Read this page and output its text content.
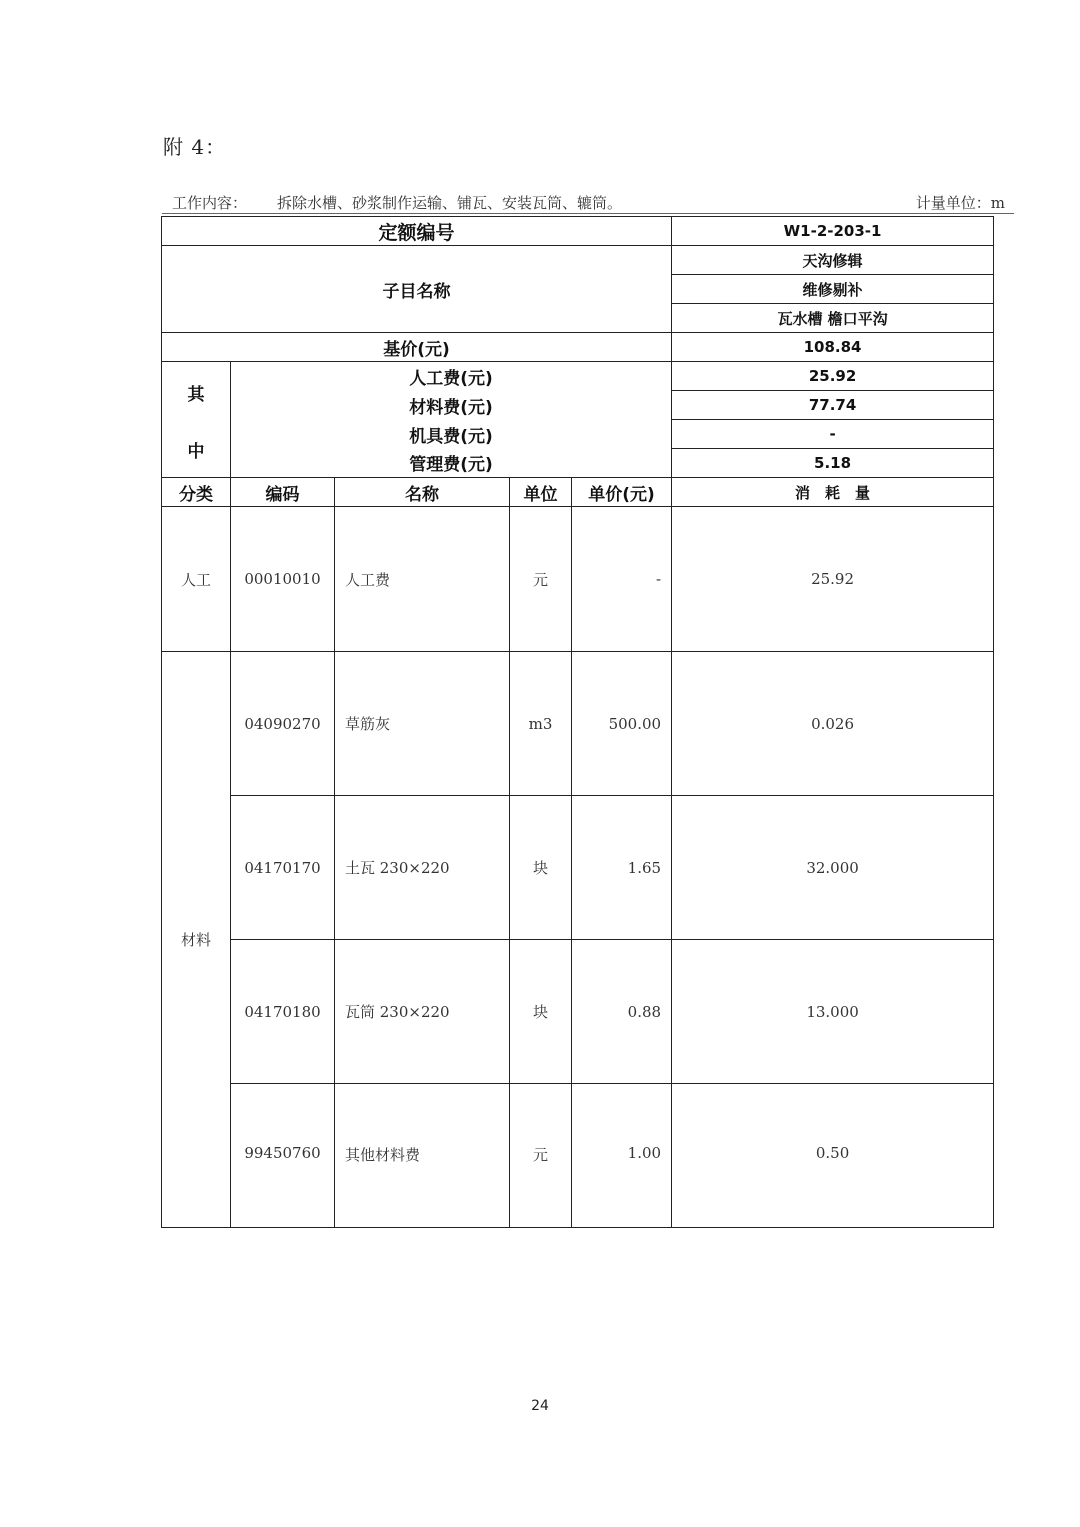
附 4：
工作内容： 拆除水槽、砂浆制作运输、铺瓦、安装瓦筒、辘筒。	计量单位：m
定额编号					W1-2-203-1
子目名称					天沟修辑
					维修剔补
					瓦水槽 檐口平沟
基价(元)					108.84

其
中	人工费(元)				25.92
	材料费(元)				77.74
	机具费(元)				-
	管理费(元)				5.18
分类	编码	名称	单位	单价(元)	消　耗　量
人工	00010010	人工费	元	-	25.92
材料	04090270	草筋灰	m3	500.00	0.026
	04170170	土瓦 230×220	块	1.65	32.000
	04170180	瓦筒 230×220	块	0.88	13.000
	99450760	其他材料费	元	1.00	0.50
24
